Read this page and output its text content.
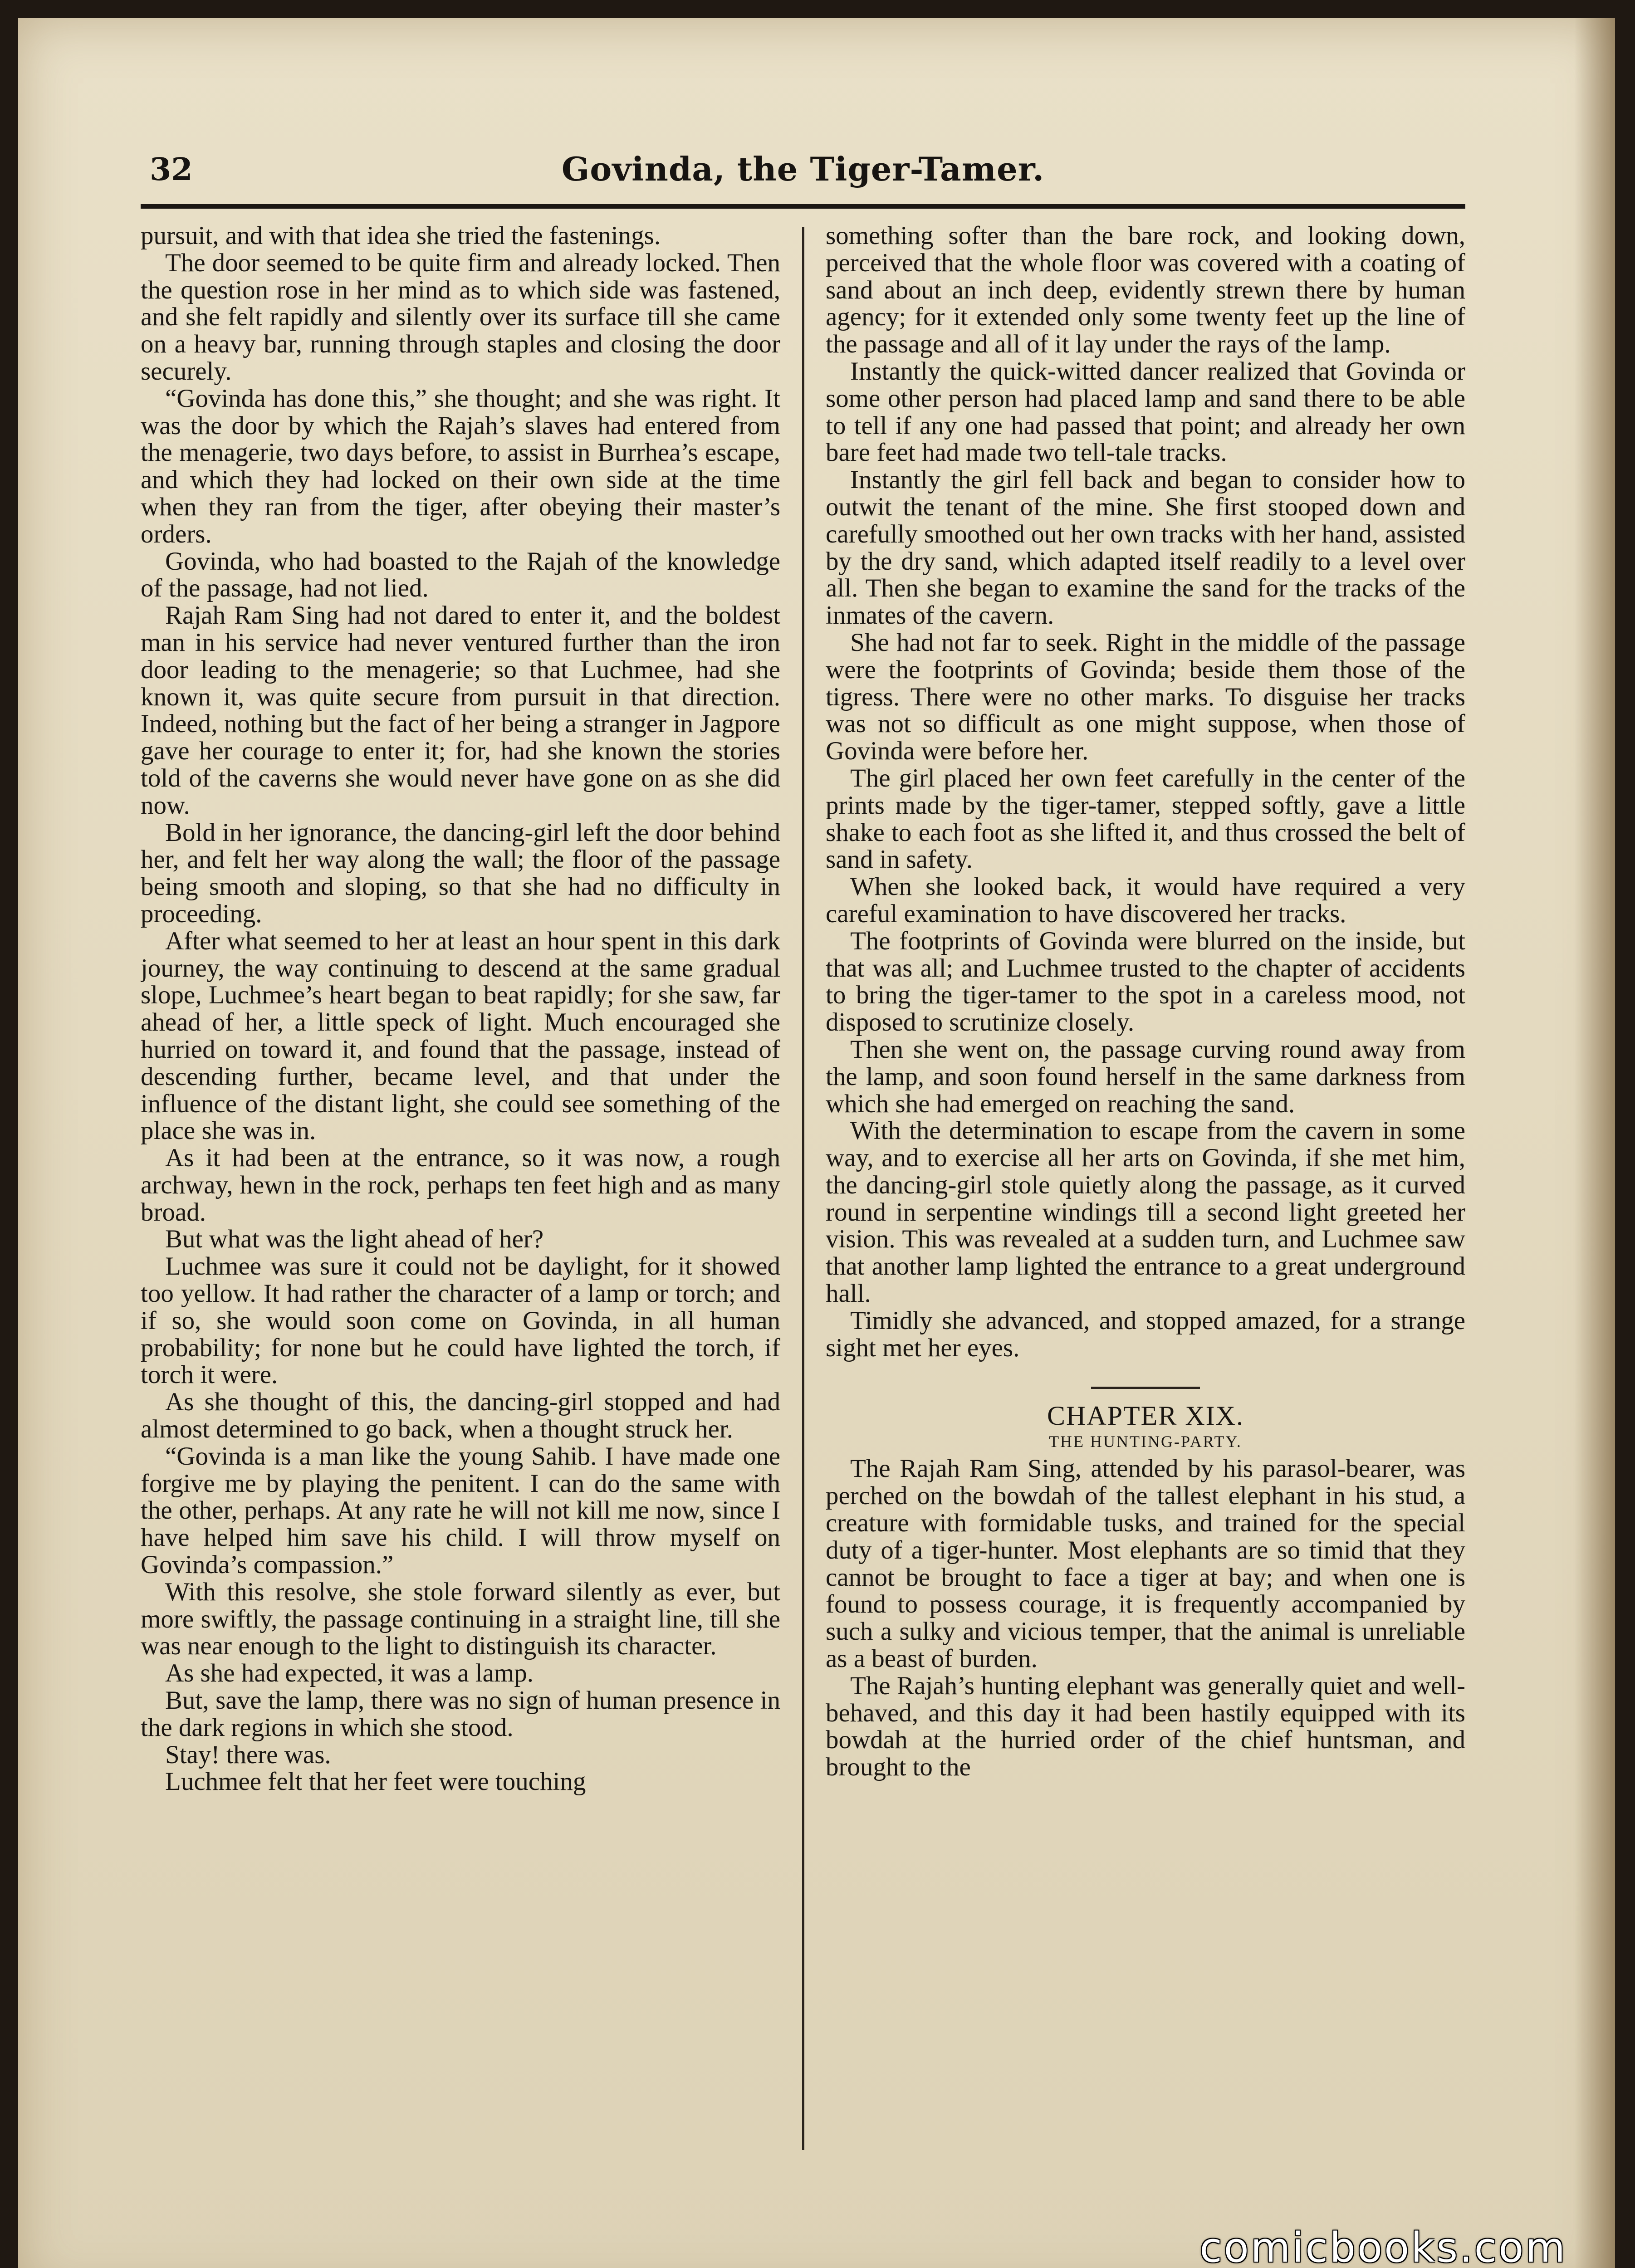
32	Govinda, the Tiger-Tamer.

pursuit, and with that idea she tried the fastenings.

The door seemed to be quite firm and already locked. Then the question rose in her mind as to which side was fastened, and she felt rapidly and silently over its surface till she came on a heavy bar, running through staples and closing the door securely.

“Govinda has done this,” she thought; and she was right. It was the door by which the Rajah’s slaves had entered from the menagerie, two days before, to assist in Burrhea’s escape, and which they had locked on their own side at the time when they ran from the tiger, after obeying their master’s orders.

Govinda, who had boasted to the Rajah of the knowledge of the passage, had not lied.

Rajah Ram Sing had not dared to enter it, and the boldest man in his service had never ventured further than the iron door leading to the menagerie; so that Luchmee, had she known it, was quite secure from pursuit in that direction. Indeed, nothing but the fact of her being a stranger in Jagpore gave her courage to enter it; for, had she known the stories told of the caverns she would never have gone on as she did now.

Bold in her ignorance, the dancing-girl left the door behind her, and felt her way along the wall; the floor of the passage being smooth and sloping, so that she had no difficulty in proceeding.

After what seemed to her at least an hour spent in this dark journey, the way continuing to descend at the same gradual slope, Luchmee’s heart began to beat rapidly; for she saw, far ahead of her, a little speck of light. Much encouraged she hurried on toward it, and found that the passage, instead of descending further, became level, and that under the influence of the distant light, she could see something of the place she was in.

As it had been at the entrance, so it was now, a rough archway, hewn in the rock, perhaps ten feet high and as many broad.

But what was the light ahead of her?

Luchmee was sure it could not be daylight, for it showed too yellow. It had rather the character of a lamp or torch; and if so, she would soon come on Govinda, in all human probability; for none but he could have lighted the torch, if torch it were.

As she thought of this, the dancing-girl stopped and had almost determined to go back, when a thought struck her.

“Govinda is a man like the young Sahib. I have made one forgive me by playing the penitent. I can do the same with the other, perhaps. At any rate he will not kill me now, since I have helped him save his child. I will throw myself on Govinda’s compassion.”

With this resolve, she stole forward silently as ever, but more swiftly, the passage continuing in a straight line, till she was near enough to the light to distinguish its character.

As she had expected, it was a lamp.

But, save the lamp, there was no sign of human presence in the dark regions in which she stood.

Stay! there was.

Luchmee felt that her feet were touching

something softer than the bare rock, and looking down, perceived that the whole floor was covered with a coating of sand about an inch deep, evidently strewn there by human agency; for it extended only some twenty feet up the line of the passage and all of it lay under the rays of the lamp.

Instantly the quick-witted dancer realized that Govinda or some other person had placed lamp and sand there to be able to tell if any one had passed that point; and already her own bare feet had made two tell-tale tracks.

Instantly the girl fell back and began to consider how to outwit the tenant of the mine. She first stooped down and carefully smoothed out her own tracks with her hand, assisted by the dry sand, which adapted itself readily to a level over all. Then she began to examine the sand for the tracks of the inmates of the cavern.

She had not far to seek. Right in the middle of the passage were the footprints of Govinda; beside them those of the tigress. There were no other marks. To disguise her tracks was not so difficult as one might suppose, when those of Govinda were before her.

The girl placed her own feet carefully in the center of the prints made by the tiger-tamer, stepped softly, gave a little shake to each foot as she lifted it, and thus crossed the belt of sand in safety.

When she looked back, it would have required a very careful examination to have discovered her tracks.

The footprints of Govinda were blurred on the inside, but that was all; and Luchmee trusted to the chapter of accidents to bring the tiger-tamer to the spot in a careless mood, not disposed to scrutinize closely.

Then she went on, the passage curving round away from the lamp, and soon found herself in the same darkness from which she had emerged on reaching the sand.

With the determination to escape from the cavern in some way, and to exercise all her arts on Govinda, if she met him, the dancing-girl stole quietly along the passage, as it curved round in serpentine windings till a second light greeted her vision. This was revealed at a sudden turn, and Luchmee saw that another lamp lighted the entrance to a great underground hall.

Timidly she advanced, and stopped amazed, for a strange sight met her eyes.

CHAPTER XIX.
THE HUNTING-PARTY.

The Rajah Ram Sing, attended by his parasol-bearer, was perched on the bowdah of the tallest elephant in his stud, a creature with formidable tusks, and trained for the special duty of a tiger-hunter. Most elephants are so timid that they cannot be brought to face a tiger at bay; and when one is found to possess courage, it is frequently accompanied by such a sulky and vicious temper, that the animal is unreliable as a beast of burden.

The Rajah’s hunting elephant was generally quiet and well-behaved, and this day it had been hastily equipped with its bowdah at the hurried order of the chief huntsman, and brought to the

comicbooks.com
